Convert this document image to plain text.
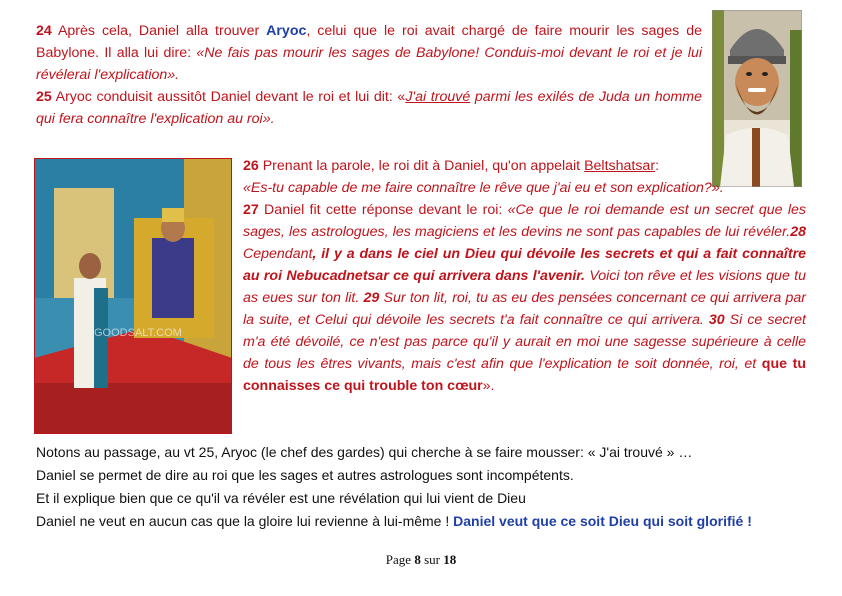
24 Après cela, Daniel alla trouver Aryoc, celui que le roi avait chargé de faire mourir les sages de Babylone. Il alla lui dire: «Ne fais pas mourir les sages de Babylone! Conduis-moi devant le roi et je lui révélerai l'explication».
25 Aryoc conduisit aussitôt Daniel devant le roi et lui dit: «J'ai trouvé parmi les exilés de Juda un homme qui fera connaître l'explication au roi».
GOODSALT.COM
26 Prenant la parole, le roi dit à Daniel, qu'on appelait Beltshatsar:
«Es-tu capable de me faire connaître le rêve que j'ai eu et son explication?».
27 Daniel fit cette réponse devant le roi: «Ce que le roi demande est un secret que les sages, les astrologues, les magiciens et les devins ne sont pas capables de lui révéler.28 Cependant, il y a dans le ciel un Dieu qui dévoile les secrets et qui a fait connaître au roi Nebucadnetsar ce qui arrivera dans l'avenir. Voici ton rêve et les visions que tu as eues sur ton lit. 29 Sur ton lit, roi, tu as eu des pensées concernant ce qui arrivera par la suite, et Celui qui dévoile les secrets t'a fait connaître ce qui arrivera. 30 Si ce secret m'a été dévoilé, ce n'est pas parce qu'il y aurait en moi une sagesse supérieure à celle de tous les êtres vivants, mais c'est afin que l'explication te soit donnée, roi, et que tu connaisses ce qui trouble ton cœur».
Notons au passage, au vt 25, Aryoc (le chef des gardes) qui cherche à se faire mousser: « J'ai trouvé » …
Daniel se permet de dire au roi que les sages et autres astrologues sont incompétents.
Et il explique bien que ce qu'il va révéler est une révélation qui lui vient de Dieu
Daniel ne veut en aucun cas que la gloire lui revienne à lui-même ! Daniel veut que ce soit Dieu qui soit glorifié !
Page 8 sur 18
